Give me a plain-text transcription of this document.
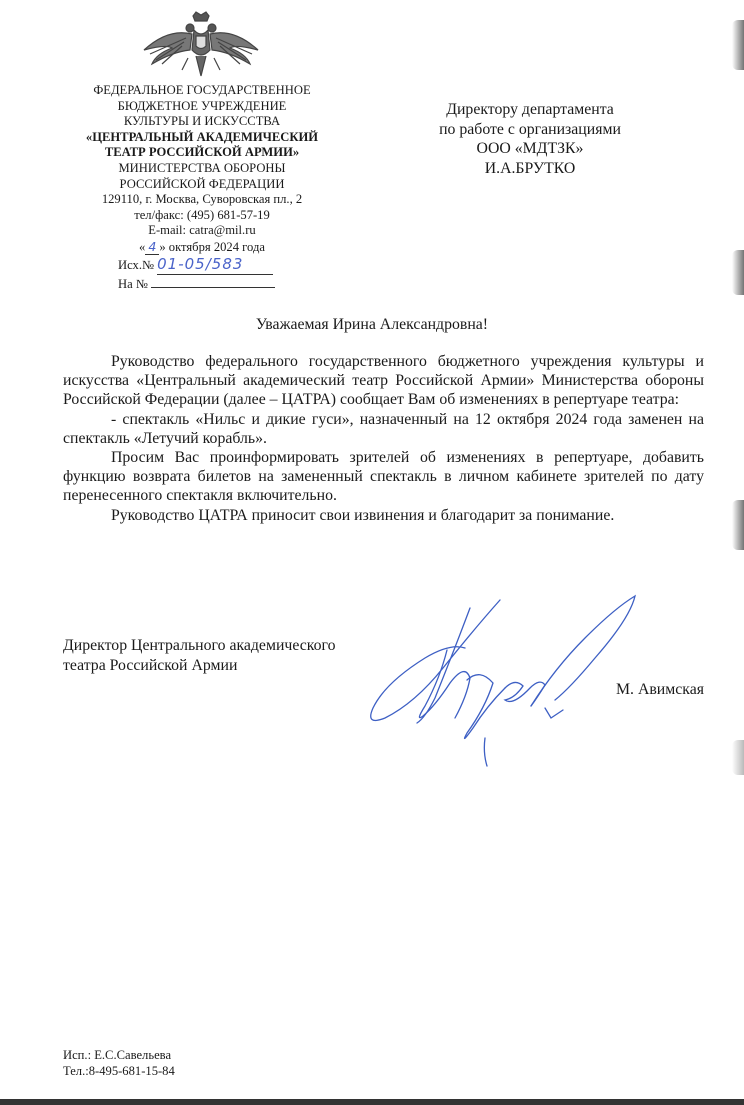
ФЕДЕРАЛЬНОЕ ГОСУДАРСТВЕННОЕ
БЮДЖЕТНОЕ УЧРЕЖДЕНИЕ
КУЛЬТУРЫ И ИСКУССТВА
«ЦЕНТРАЛЬНЫЙ АКАДЕМИЧЕСКИЙ
ТЕАТР РОССИЙСКОЙ АРМИИ»
МИНИСТЕРСТВА ОБОРОНЫ
РОССИЙСКОЙ ФЕДЕРАЦИИ
129110, г. Москва, Суворовская пл., 2
тел/факс: (495) 681-57-19
E-mail: catra@mil.ru
« 4 » октября 2024 года
Исх.№ 01-05/583
На №
Директору департамента
по работе с организациями
ООО «МДТЗК»
И.А.БРУТКО
Уважаемая Ирина Александровна!

Руководство федерального государственного бюджетного учреждения культуры и искусства «Центральный академический театр Российской Армии» Министерства обороны Российской Федерации (далее – ЦАТРА) сообщает Вам об изменениях в репертуаре театра:

- спектакль «Нильс и дикие гуси», назначенный на 12 октября 2024 года заменен на спектакль «Летучий корабль».

Просим Вас проинформировать зрителей об изменениях в репертуаре, добавить функцию возврата билетов на замененный спектакль в личном кабинете зрителей по дату перенесенного спектакля включительно.

Руководство ЦАТРА приносит свои извинения и благодарит за понимание.

Директор Центрального академического
театра Российской Армии
М. Авимская
Исп.: Е.С.Савельева
Тел.:8-495-681-15-84
